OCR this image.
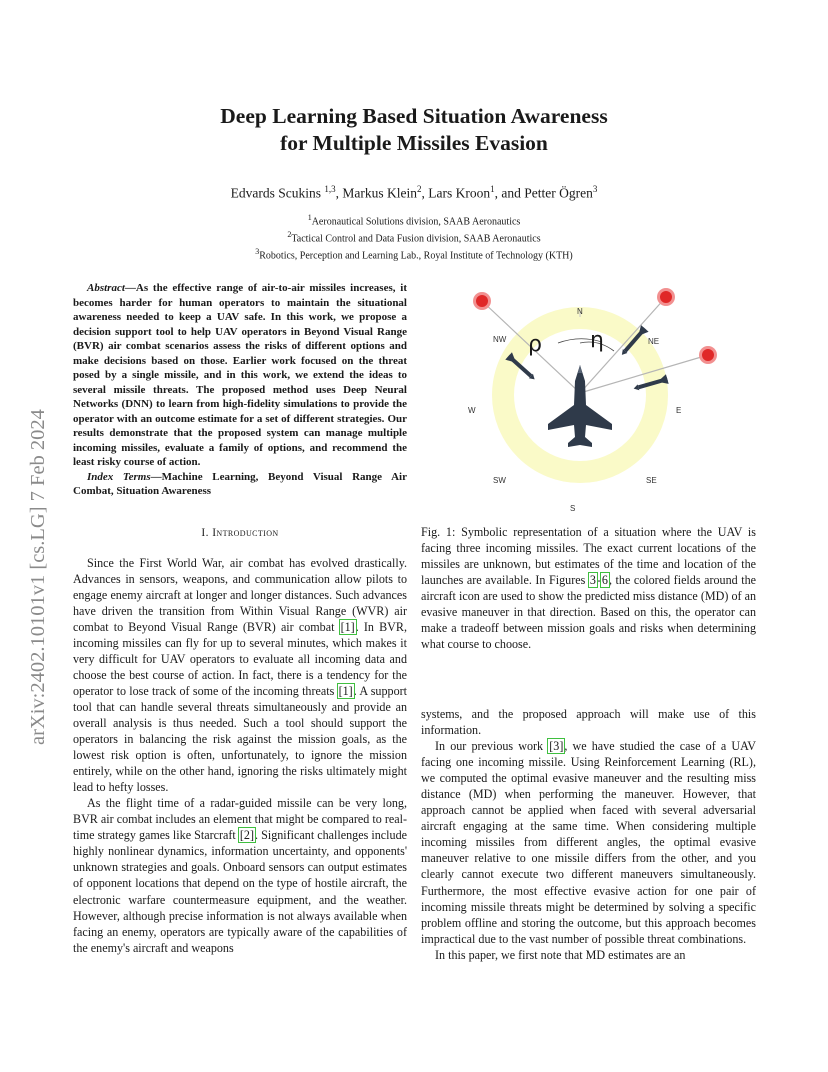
arXiv:2402.10101v1 [cs.LG] 7 Feb 2024
Deep Learning Based Situation Awareness
for Multiple Missiles Evasion
Edvards Scukins $^{1,3}$, Markus Klein$^2$, Lars Kroon$^1$, and Petter Ögren$^3$
$^1$Aeronautical Solutions division, SAAB Aeronautics
$^2$Tactical Control and Data Fusion division, SAAB Aeronautics
$^3$Robotics, Perception and Learning Lab., Royal Institute of Technology (KTH)

Abstract—As the effective range of air-to-air missiles increases, it becomes harder for human operators to maintain the situational awareness needed to keep a UAV safe. In this work, we propose a decision support tool to help UAV operators in Beyond Visual Range (BVR) air combat scenarios assess the risks of different options and make decisions based on those. Earlier work focused on the threat posed by a single missile, and in this work, we extend the ideas to several missile threats. The proposed method uses Deep Neural Networks (DNN) to learn from high-fidelity simulations to provide the operator with an outcome estimate for a set of different strategies. Our results demonstrate that the proposed system can manage multiple incoming missiles, evaluate a family of options, and recommend the least risky course of action.

Index Terms—Machine Learning, Beyond Visual Range Air Combat, Situation Awareness

I. Introduction

Since the First World War, air combat has evolved drastically. Advances in sensors, weapons, and communication allow pilots to engage enemy aircraft at longer and longer distances. Such advances have driven the transition from Within Visual Range (WVR) air combat to Beyond Visual Range (BVR) air combat [1]. In BVR, incoming missiles can fly for up to several minutes, which makes it very difficult for UAV operators to evaluate all incoming data and choose the best course of action. In fact, there is a tendency for the operator to lose track of some of the incoming threats [1]. A support tool that can handle several threats simultaneously and provide an overall analysis is thus needed. Such a tool should support the operators in balancing the risk against the mission goals, as the lowest risk option is often, unfortunately, to ignore the mission entirely, while on the other hand, ignoring the risks ultimately might lead to hefty losses.

As the flight time of a radar-guided missile can be very long, BVR air combat includes an element that might be compared to real-time strategy games like Starcraft [2]. Significant challenges include highly nonlinear dynamics, information uncertainty, and opponents' unknown strategies and goals. Onboard sensors can output estimates of opponent locations that depend on the type of hostile aircraft, the electronic warfare countermeasure equipment, and the weather. However, although precise information is not always available when facing an enemy, operators are typically aware of the capabilities of the enemy's aircraft and weapons

N
NE
E
SE
S
SW
W
NW ρ η
Fig. 1: Symbolic representation of a situation where the UAV is facing three incoming missiles. The exact current locations of the missiles are unknown, but estimates of the time and location of the launches are available. In Figures 3-6, the colored fields around the aircraft icon are used to show the predicted miss distance (MD) of an evasive maneuver in that direction. Based on this, the operator can make a tradeoff between mission goals and risks when determining what course to choose.

systems, and the proposed approach will make use of this information.

In our previous work [3], we have studied the case of a UAV facing one incoming missile. Using Reinforcement Learning (RL), we computed the optimal evasive maneuver and the resulting miss distance (MD) when performing the maneuver. However, that approach cannot be applied when faced with several adversarial aircraft engaging at the same time. When considering multiple incoming missiles from different angles, the optimal evasive maneuver relative to one missile differs from the other, and you clearly cannot execute two different maneuvers simultaneously. Furthermore, the most effective evasive action for one pair of incoming missile threats might be determined by solving a specific problem offline and storing the outcome, but this approach becomes impractical due to the vast number of possible threat combinations.

In this paper, we first note that MD estimates are an
